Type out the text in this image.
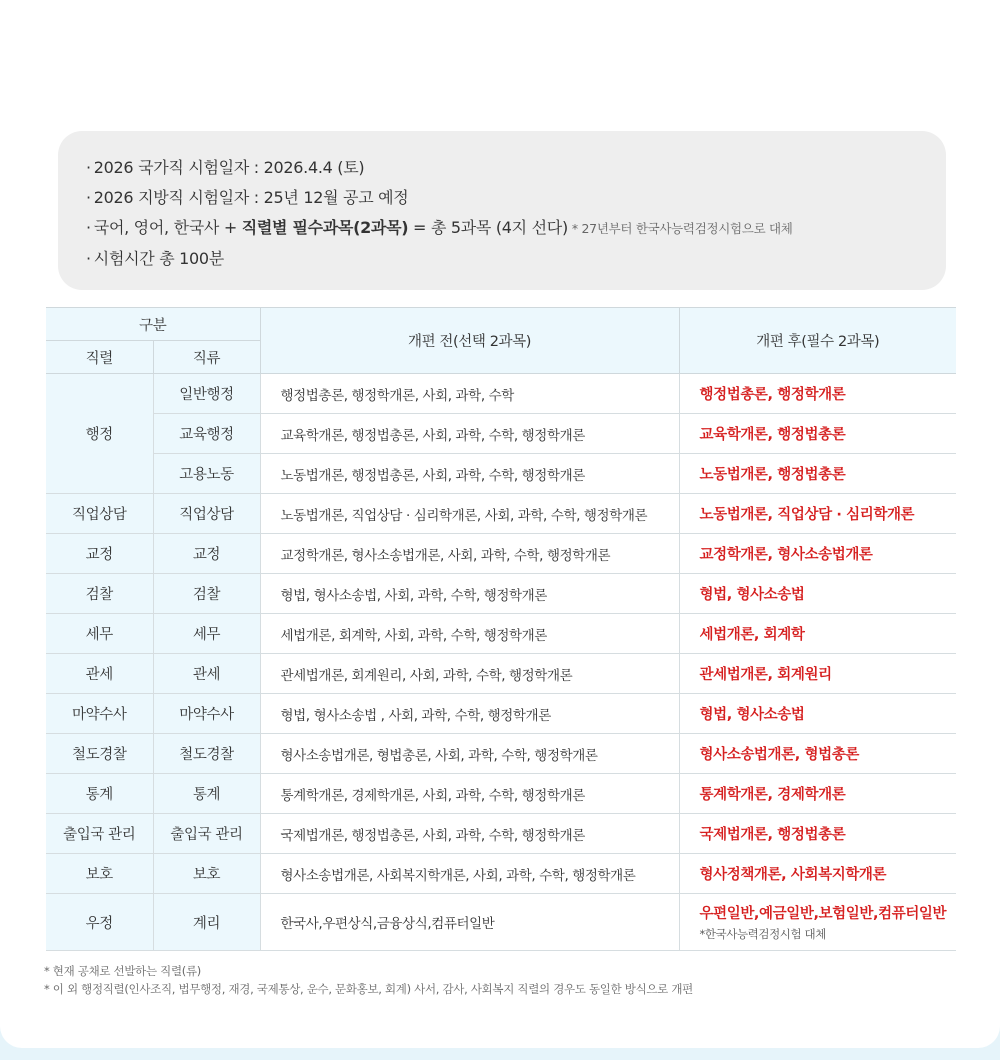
· 2026 국가직 시험일자 : 2026.4.4 (토)
· 2026 지방직 시험일자 : 25년 12월 공고 예정
· 국어, 영어, 한국사 + 직렬별 필수과목(2과목) = 총 5과목 (4지 선다) * 27년부터 한국사능력검정시험으로 대체
· 시험시간 총 100분
구분		개편 전(선택 2과목)	개편 후(필수 2과목)
직렬	직류		
행정	일반행정	행정법총론, 행정학개론, 사회, 과학, 수학	행정법총론, 행정학개론
	교육행정	교육학개론, 행정법총론, 사회, 과학, 수학, 행정학개론	교육학개론, 행정법총론
	고용노동	노동법개론, 행정법총론, 사회, 과학, 수학, 행정학개론	노동법개론, 행정법총론
직업상담	직업상담	노동법개론, 직업상담 · 심리학개론, 사회, 과학, 수학, 행정학개론	노동법개론, 직업상담 · 심리학개론
교정	교정	교정학개론, 형사소송법개론, 사회, 과학, 수학, 행정학개론	교정학개론, 형사소송법개론
검찰	검찰	형법, 형사소송법, 사회, 과학, 수학, 행정학개론	형법, 형사소송법
세무	세무	세법개론, 회계학, 사회, 과학, 수학, 행정학개론	세법개론, 회계학
관세	관세	관세법개론, 회계원리, 사회, 과학, 수학, 행정학개론	관세법개론, 회계원리
마약수사	마약수사	형법, 형사소송법 , 사회, 과학, 수학, 행정학개론	형법, 형사소송법
철도경찰	철도경찰	형사소송법개론, 형법총론, 사회, 과학, 수학, 행정학개론	형사소송법개론, 형법총론
통계	통계	통계학개론, 경제학개론, 사회, 과학, 수학, 행정학개론	통계학개론, 경제학개론
출입국 관리	출입국 관리	국제법개론, 행정법총론, 사회, 과학, 수학, 행정학개론	국제법개론, 행정법총론
보호	보호	형사소송법개론, 사회복지학개론, 사회, 과학, 수학, 행정학개론	형사정책개론, 사회복지학개론
우정	계리	한국사,우편상식,금융상식,컴퓨터일반	우편일반,예금일반,보험일반,컴퓨터일반
*한국사능력검정시험 대체
* 현재 공채로 선발하는 직렬(류)
* 이 외 행정직렬(인사조직, 법무행정, 재경, 국제통상, 운수, 문화홍보, 회계) 사서, 감사, 사회복지 직렬의 경우도 동일한 방식으로 개편
